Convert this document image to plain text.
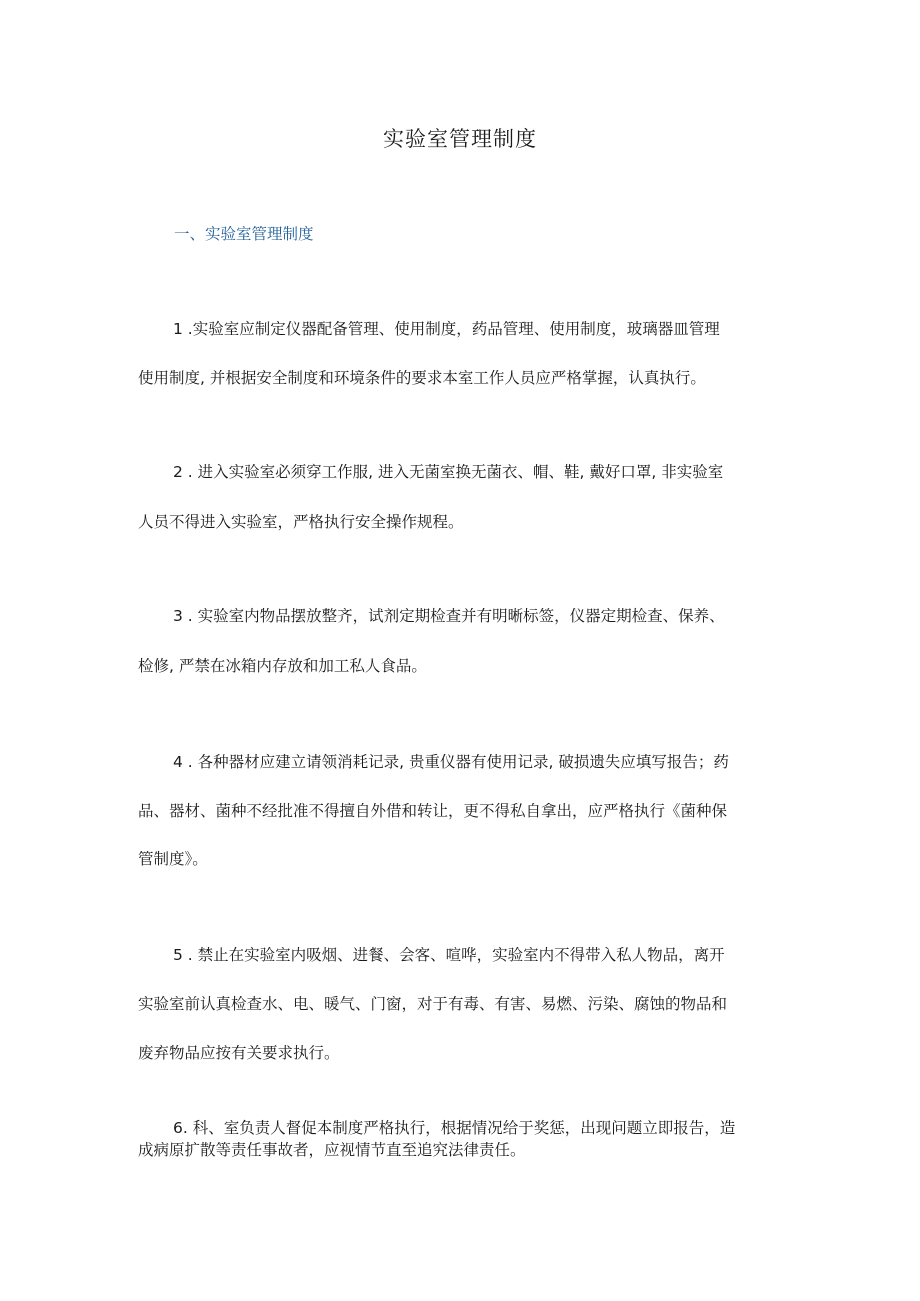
实验室管理制度
一、实验室管理制度
1 .实验室应制定仪器配备管理、使用制度，药品管理、使用制度，玻璃器皿管理
使用制度, 并根据安全制度和环境条件的要求本室工作人员应严格掌握，认真执行。
2 . 进入实验室必须穿工作服, 进入无菌室换无菌衣、帽、鞋, 戴好口罩, 非实验室
人员不得进入实验室，严格执行安全操作规程。
3 . 实验室内物品摆放整齐，试剂定期检查并有明晰标签，仪器定期检查、保养、
检修, 严禁在冰箱内存放和加工私人食品。
4 . 各种器材应建立请领消耗记录, 贵重仪器有使用记录, 破损遗失应填写报告；药
品、器材、菌种不经批准不得擅自外借和转让，更不得私自拿出，应严格执行《菌种保
管制度》。
5 . 禁止在实验室内吸烟、进餐、会客、喧哗，实验室内不得带入私人物品，离开
实验室前认真检查水、电、暖气、门窗，对于有毒、有害、易燃、污染、腐蚀的物品和
废弃物品应按有关要求执行。
6. 科、室负责人督促本制度严格执行，根据情况给于奖惩，出现问题立即报告，造
成病原扩散等责任事故者，应视情节直至追究法律责任。
